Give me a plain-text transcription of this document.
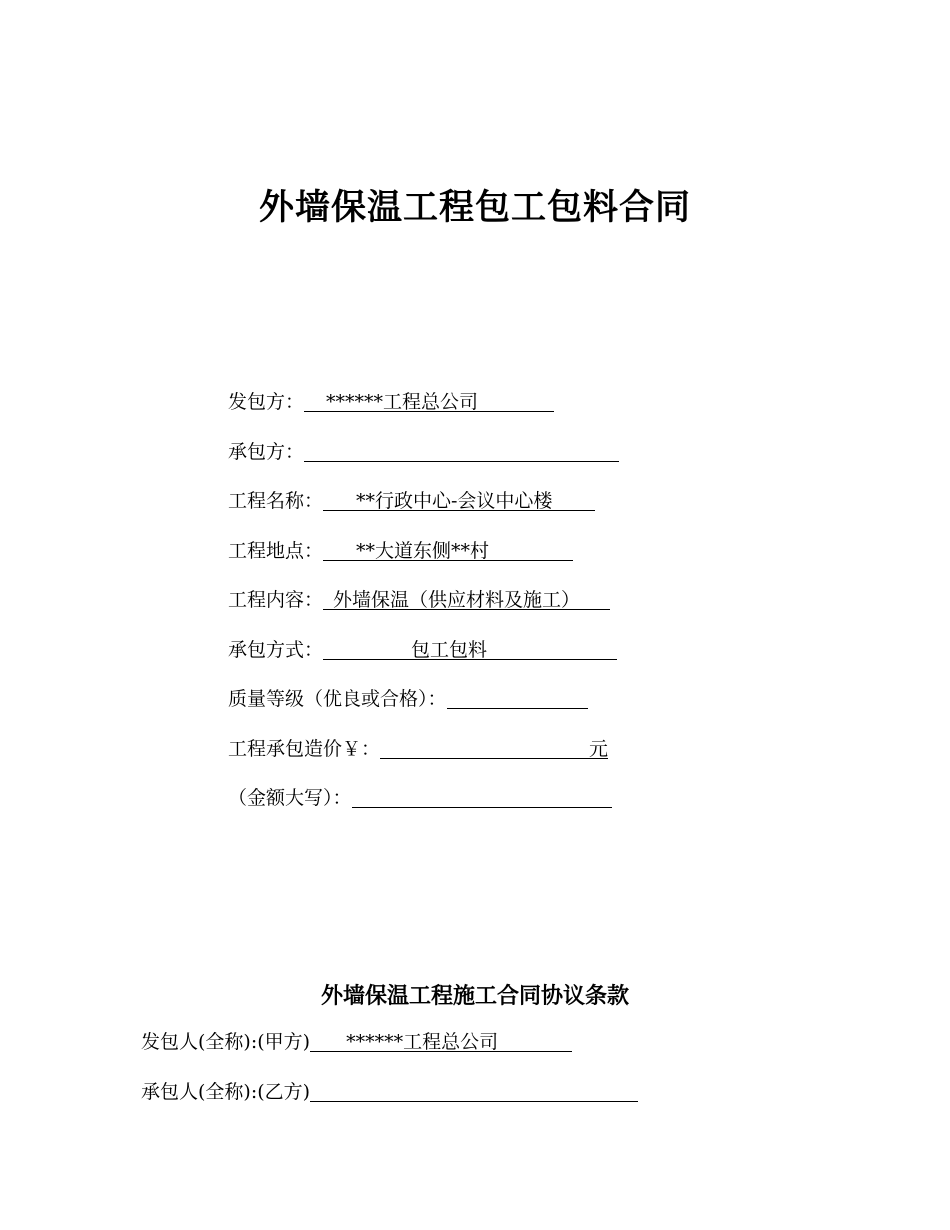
外墙保温工程包工包料合同
发包方： ******工程总公司
承包方：
工程名称： **行政中心-会议中心楼
工程地点： **大道东侧**村
工程内容： 外墙保温（供应材料及施工）
承包方式：	包工包料
质量等级（优良或合格）：
工程承包造价￥：	元
（金额大写）：
外墙保温工程施工合同协议条款
发包人(全称):(甲方) ******工程总公司
承包人(全称):(乙方)
